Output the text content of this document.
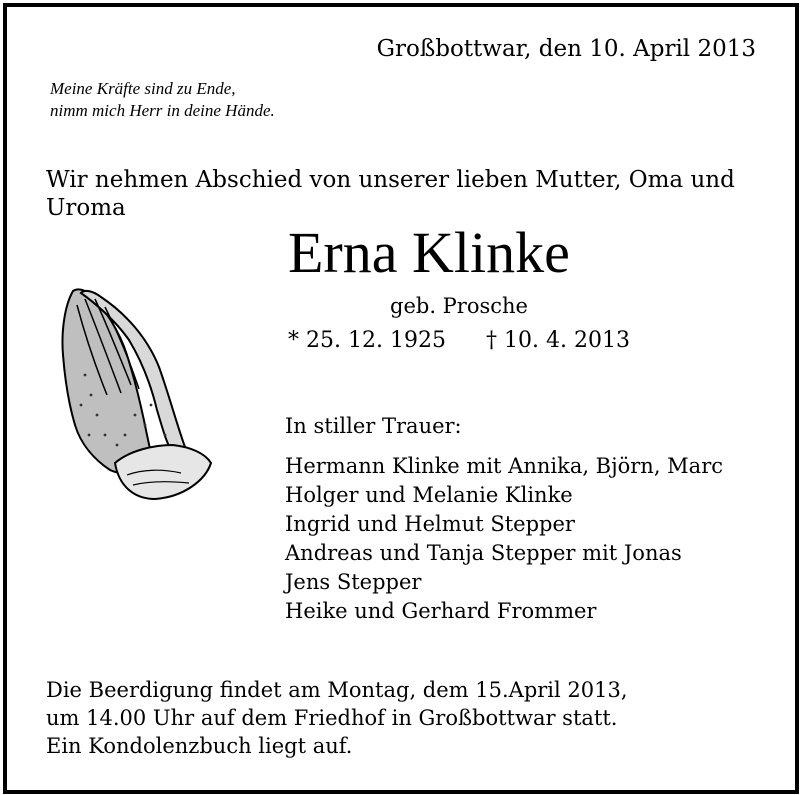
Großbottwar, den 10. April 2013
Meine Kräfte sind zu Ende,
nimm mich Herr in deine Hände.
Wir nehmen Abschied von unserer lieben Mutter, Oma und Uroma
Erna Klinke
geb. Prosche
* 25. 12. 1925 † 10. 4. 2013
In stiller Trauer:
Hermann Klinke mit Annika, Björn, Marc
Holger und Melanie Klinke
Ingrid und Helmut Stepper
Andreas und Tanja Stepper mit Jonas
Jens Stepper
Heike und Gerhard Frommer
Die Beerdigung findet am Montag, dem 15.April 2013,
um 14.00 Uhr auf dem Friedhof in Großbottwar statt.
Ein Kondolenzbuch liegt auf.
